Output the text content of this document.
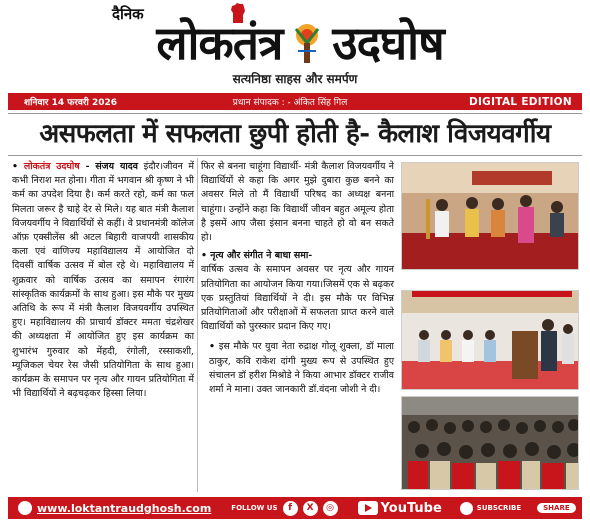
दैनिक
लोकतंत्र उदघोष
सत्यनिष्ठा साहस और समर्पण
शनिवार 14 फरवरी 2026	प्रधान संपादक : - अंकित सिंह गिल	DIGITAL EDITION
असफलता में सफलता छुपी होती है- कैलाश विजयवर्गीय
• लोकतंत्र उदघोष - संजय यादव इंदौर।जीवन में कभी निराश मत होना। गीता में भगवान श्री कृष्ण ने भी कर्म का उपदेश दिया है। कर्म करते रहो, कर्म का फल मिलता जरूर है चाहे देर से मिले। यह बात मंत्री कैलाश विजयवर्गीय ने विद्यार्थियों से कहीं। वे प्रधानमंत्री कॉलेज ऑफ़ एक्सीलेंस श्री अटल बिहारी वाजपयी शासकीय कला एवं वाणिज्य महाविद्यालय में आयोजित दो दिवसीं वार्षिक उत्सव में बोल रहे थे। महाविद्यालय में शुक्रवार को वार्षिक उत्सव का समापन रंगारंग सांस्कृतिक कार्यक्रमों के साथ हुआ। इस मौके पर मुख्य अतिथि के रूप में मंत्री कैलाश विजयवर्गीय उपस्थित हुए। महाविद्यालय की प्राचार्य डॉक्टर ममता चंद्रशेखर की अध्यक्षता में आयोजित हुए इस कार्यक्रम का शुभारंभ गुरुवार को मेंहदी, रंगोली, रस्साकशी, म्यूजिकल चेयर रेस जैसी प्रतियोगिता के साथ हुआ। कार्यक्रम के समापन पर नृत्य और गायन प्रतियोगिता में भी विद्यार्थियों ने बढ़चढ़कर हिस्सा लिया।
फिर से बनना चाहूंगा विद्यार्थी- मंत्री कैलाश विजयवर्गीय ने विद्यार्थियों से कहा कि अगर मुझे दुबारा कुछ बनने का अवसर मिले तो मैं विद्यार्थी परिषद का अध्यक्ष बनना चाहूंगा। उन्होंने कहा कि विद्यार्थी जीवन बहुत अमूल्य होता है इसमें आप जैसा इंसान बनना चाहते हो वो बन सकते हो।
• नृत्य और संगीत ने बाधा समा-
वार्षिक उत्सव के समापन अवसर पर नृत्य और गायन प्रतियोगिता का आयोजन किया गया।जिसमें एक से बढ़कर एक प्रस्तुतियां विद्यार्थियों ने दी। इस मौके पर विभिन्न प्रतियोगिताओं और परीक्षाओं में सफलता प्राप्त करने वाले विद्यार्थियों को पुरस्कार प्रदान किए गए।
• इस मौके पर युवा नेता रुद्राक्ष गोलू शुक्ला, डॉ माला ठाकुर, कवि राकेश दांगी मुख्य रूप से उपस्थित हुए संचालन डॉ हरीश मिश्रोडे ने किया आभार डॉक्टर राजीव शर्मा ने माना। उक्त जानकारी डॉ.वंदना जोशी ने दी।
www.loktantraudghosh.com	FOLLOW US	f	X	◎	YouTube	SUBSCRIBE	SHARE
